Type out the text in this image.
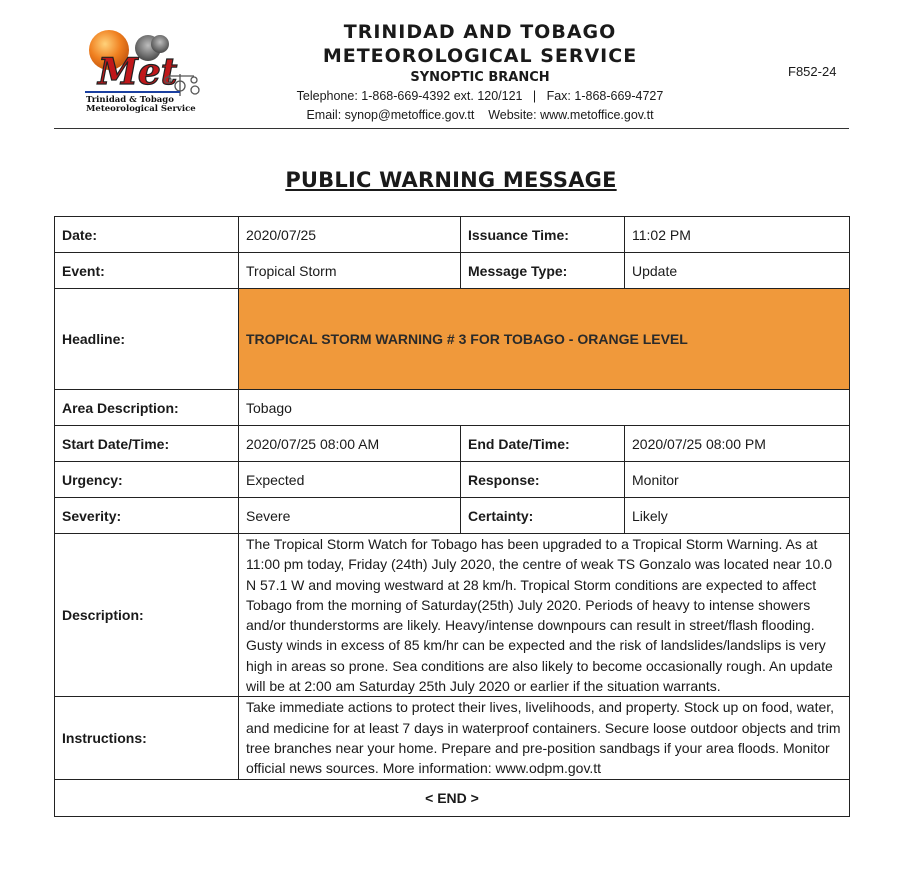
Met
Trinidad & Tobago
Meteorological Service
TRINIDAD AND TOBAGO
METEOROLOGICAL SERVICE
SYNOPTIC BRANCH
Telephone: 1-868-669-4392 ext. 120/121   |   Fax: 1-868-669-4727
Email: synop@metoffice.gov.tt    Website: www.metoffice.gov.tt
F852-24
PUBLIC WARNING MESSAGE
Date:	2020/07/25	Issuance Time:	11:02 PM
Event:	Tropical Storm	Message Type:	Update
Headline:	TROPICAL STORM WARNING # 3 FOR TOBAGO - ORANGE LEVEL		
Area Description:	Tobago		
Start Date/Time:	2020/07/25 08:00 AM	End Date/Time:	2020/07/25 08:00 PM
Urgency:	Expected	Response:	Monitor
Severity:	Severe	Certainty:	Likely
Description:	The Tropical Storm Watch for Tobago has been upgraded to a Tropical Storm Warning. As at 11:00 pm today, Friday (24th) July 2020, the centre of weak TS Gonzalo was located near 10.0 N 57.1 W and moving westward at 28 km/h. Tropical Storm conditions are expected to affect Tobago from the morning of Saturday(25th) July 2020. Periods of heavy to intense showers and/or thunderstorms are likely. Heavy/intense downpours can result in street/flash flooding. Gusty winds in excess of 85 km/hr can be expected and the risk of landslides/landslips is very high in areas so prone. Sea conditions are also likely to become occasionally rough. An update will be at 2:00 am Saturday 25th July 2020 or earlier if the situation warrants.		
Instructions:	Take immediate actions to protect their lives, livelihoods, and property. Stock up on food, water, and medicine for at least 7 days in waterproof containers. Secure loose outdoor objects and trim tree branches near your home. Prepare and pre-position sandbags if your area floods. Monitor official news sources. More information: www.odpm.gov.tt		
< END >			
